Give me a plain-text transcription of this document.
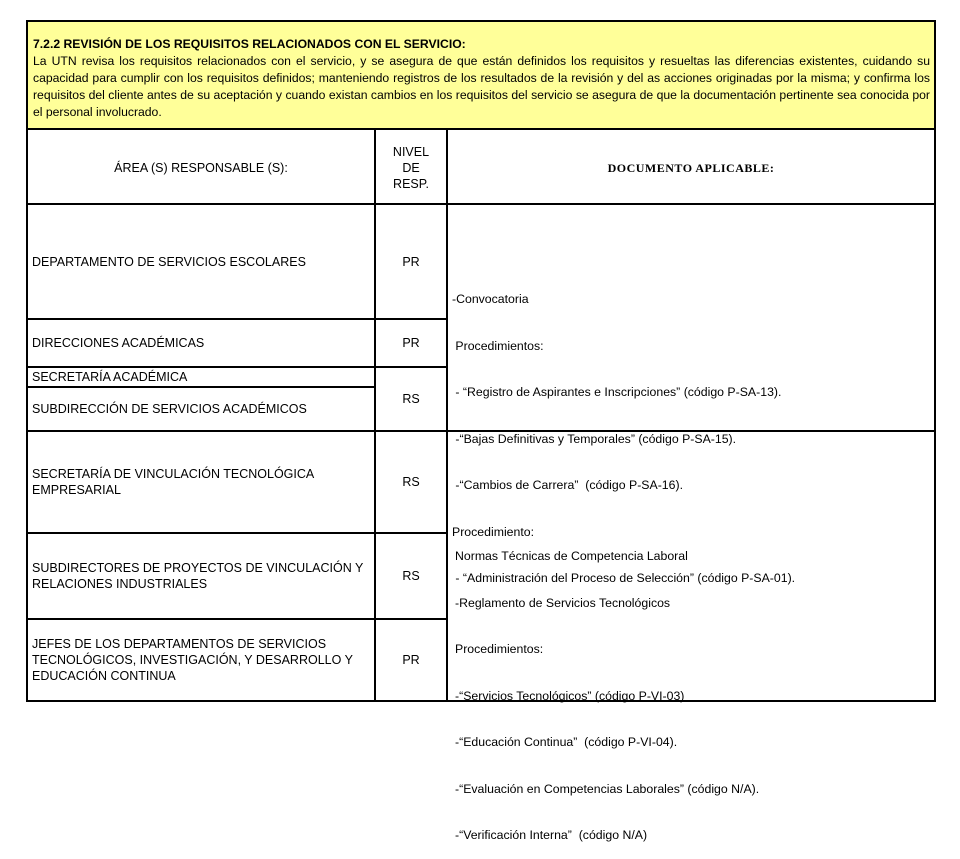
7.2.2 REVISIÓN DE LOS REQUISITOS RELACIONADOS CON EL SERVICIO:
La UTN revisa los requisitos relacionados con el servicio, y se asegura de que están definidos los requisitos y resueltas las diferencias existentes, cuidando su capacidad para cumplir con los requisitos definidos; manteniendo registros de los resultados de la revisión y del as acciones originadas por la misma; y confirma los requisitos del cliente antes de su aceptación y cuando existan cambios en los requisitos del servicio se asegura de que la documentación pertinente sea conocida por el personal involucrado.
ÁREA (S) RESPONSABLE (S):
NIVEL
DE
RESP.
DOCUMENTO APLICABLE:
DEPARTAMENTO DE SERVICIOS ESCOLARES	PR
DIRECCIONES ACADÉMICAS	PR
SECRETARÍA ACADÉMICA
SUBDIRECCIÓN DE SERVICIOS ACADÉMICOS
RS
SECRETARÍA DE VINCULACIÓN TECNOLÓGICA EMPRESARIAL
RS
SUBDIRECTORES DE PROYECTOS DE VINCULACIÓN Y RELACIONES INDUSTRIALES
RS
JEFES DE LOS DEPARTAMENTOS DE SERVICIOS TECNOLÓGICOS, INVESTIGACIÓN, Y DESARROLLO Y EDUCACIÓN CONTINUA
PR

-Convocatoria

Procedimientos:

- “Registro de Aspirantes e Inscripciones” (código P-SA-13).

-“Bajas Definitivas y Temporales” (código P-SA-15).

-“Cambios de Carrera”  (código P-SA-16).

Procedimiento:

- “Administración del Proceso de Selección” (código P-SA-01).

Normas Técnicas de Competencia Laboral

-Reglamento de Servicios Tecnológicos

Procedimientos:

-“Servicios Tecnológicos” (código P-VI-03)

-“Educación Continua”  (código P-VI-04).

-“Evaluación en Competencias Laborales” (código N/A).

-“Verificación Interna”  (código N/A)
